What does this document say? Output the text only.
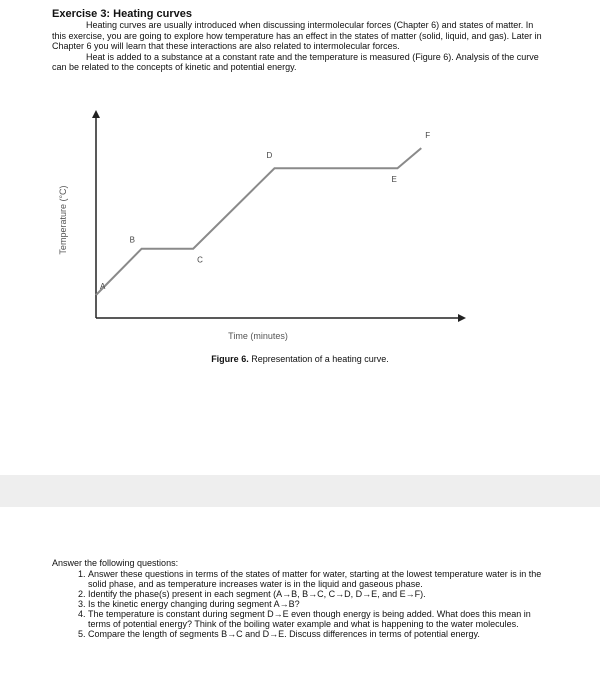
Exercise 3: Heating curves

Heating curves are usually introduced when discussing intermolecular forces (Chapter 6) and states of matter. In this exercise, you are going to explore how temperature has an effect in the states of matter (solid, liquid, and gas). Later in Chapter 6 you will learn that these interactions are also related to intermolecular forces.

Heat is added to a substance at a constant rate and the temperature is measured (Figure 6). Analysis of the curve can be related to the concepts of kinetic and potential energy.

Temperature (°C)
Time (minutes)
A
B
C
D
E
F
Figure 6. Representation of a heating curve.

Answer the following questions:

1. Answer these questions in terms of the states of matter for water, starting at the lowest temperature water is in the solid phase, and as temperature increases water is in the liquid and gaseous phase.
2. Identify the phase(s) present in each segment (A→B, B→C, C→D, D→E, and E→F).
3. Is the kinetic energy changing during segment A→B?
4. The temperature is constant during segment D→E even though energy is being added. What does this mean in terms of potential energy? Think of the boiling water example and what is happening to the water molecules.
5. Compare the length of segments B→C and D→E. Discuss differences in terms of potential energy.
